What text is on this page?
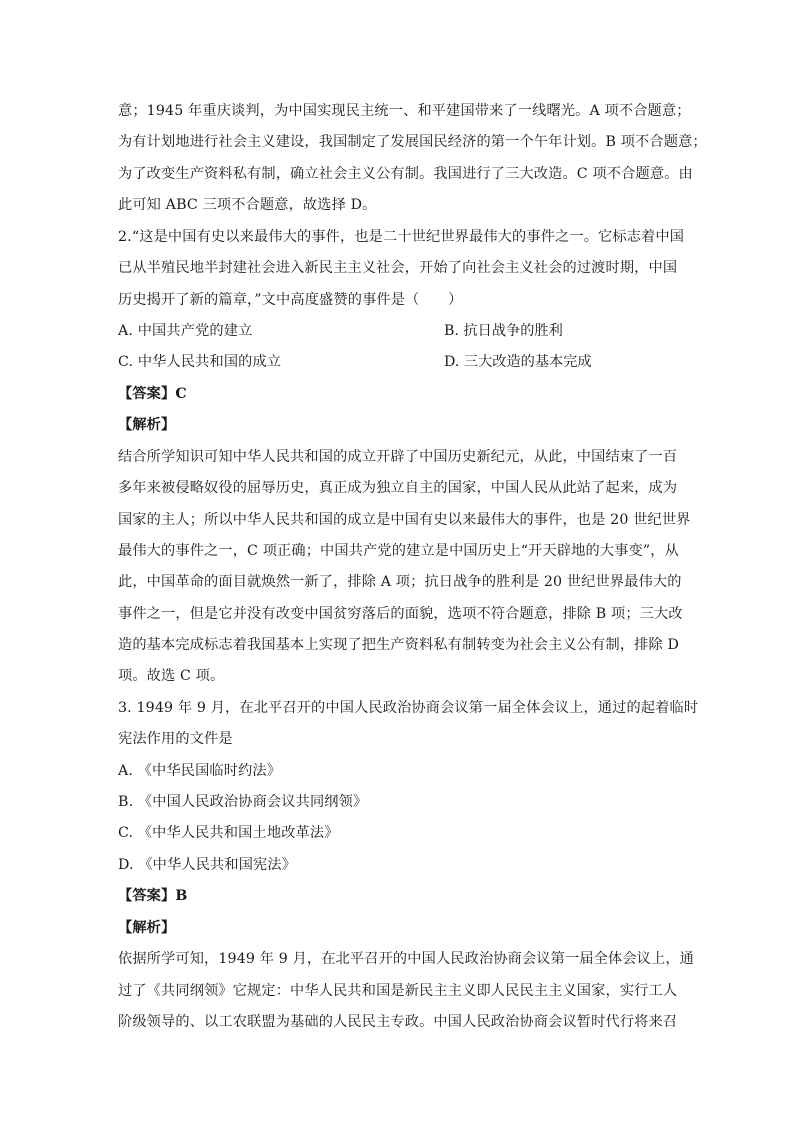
意；1945 年重庆谈判，为中国实现民主统一、和平建国带来了一线曙光。A 项不合题意；
为有计划地进行社会主义建设，我国制定了发展国民经济的第一个午年计划。B 项不合题意；
为了改变生产资料私有制，确立社会主义公有制。我国进行了三大改造。C 项不合题意。由
此可知 ABC 三项不合题意，故选择 D。
2.“这是中国有史以来最伟大的事件，也是二十世纪世界最伟大的事件之一。它标志着中国
已从半殖民地半封建社会进入新民主主义社会，开始了向社会主义社会的过渡时期，中国
历史揭开了新的篇章，”文中高度盛赞的事件是（　　）
A. 中国共产党的建立	B. 抗日战争的胜利
C. 中华人民共和国的成立	D. 三大改造的基本完成
【答案】C
【解析】
结合所学知识可知中华人民共和国的成立开辟了中国历史新纪元，从此，中国结束了一百
多年来被侵略奴役的屈辱历史，真正成为独立自主的国家，中国人民从此站了起来，成为
国家的主人；所以中华人民共和国的成立是中国有史以来最伟大的事件，也是 20 世纪世界
最伟大的事件之一，C 项正确；中国共产党的建立是中国历史上“开天辟地的大事变”，从
此，中国革命的面目就焕然一新了，排除 A 项；抗日战争的胜利是 20 世纪世界最伟大的
事件之一，但是它并没有改变中国贫穷落后的面貌，选项不符合题意，排除 B 项；三大改
造的基本完成标志着我国基本上实现了把生产资料私有制转变为社会主义公有制，排除 D
项。故选 C 项。
3. 1949 年 9 月，在北平召开的中国人民政治协商会议第一届全体会议上，通过的起着临时
宪法作用的文件是
A. 《中华民国临时约法》
B. 《中国人民政治协商会议共同纲领》
C. 《中华人民共和国土地改革法》
D. 《中华人民共和国宪法》
【答案】B
【解析】
依据所学可知，1949 年 9 月，在北平召开的中国人民政治协商会议第一届全体会议上，通
过了《共同纲领》它规定：中华人民共和国是新民主主义即人民民主主义国家，实行工人
阶级领导的、以工农联盟为基础的人民民主专政。中国人民政治协商会议暂时代行将来召
